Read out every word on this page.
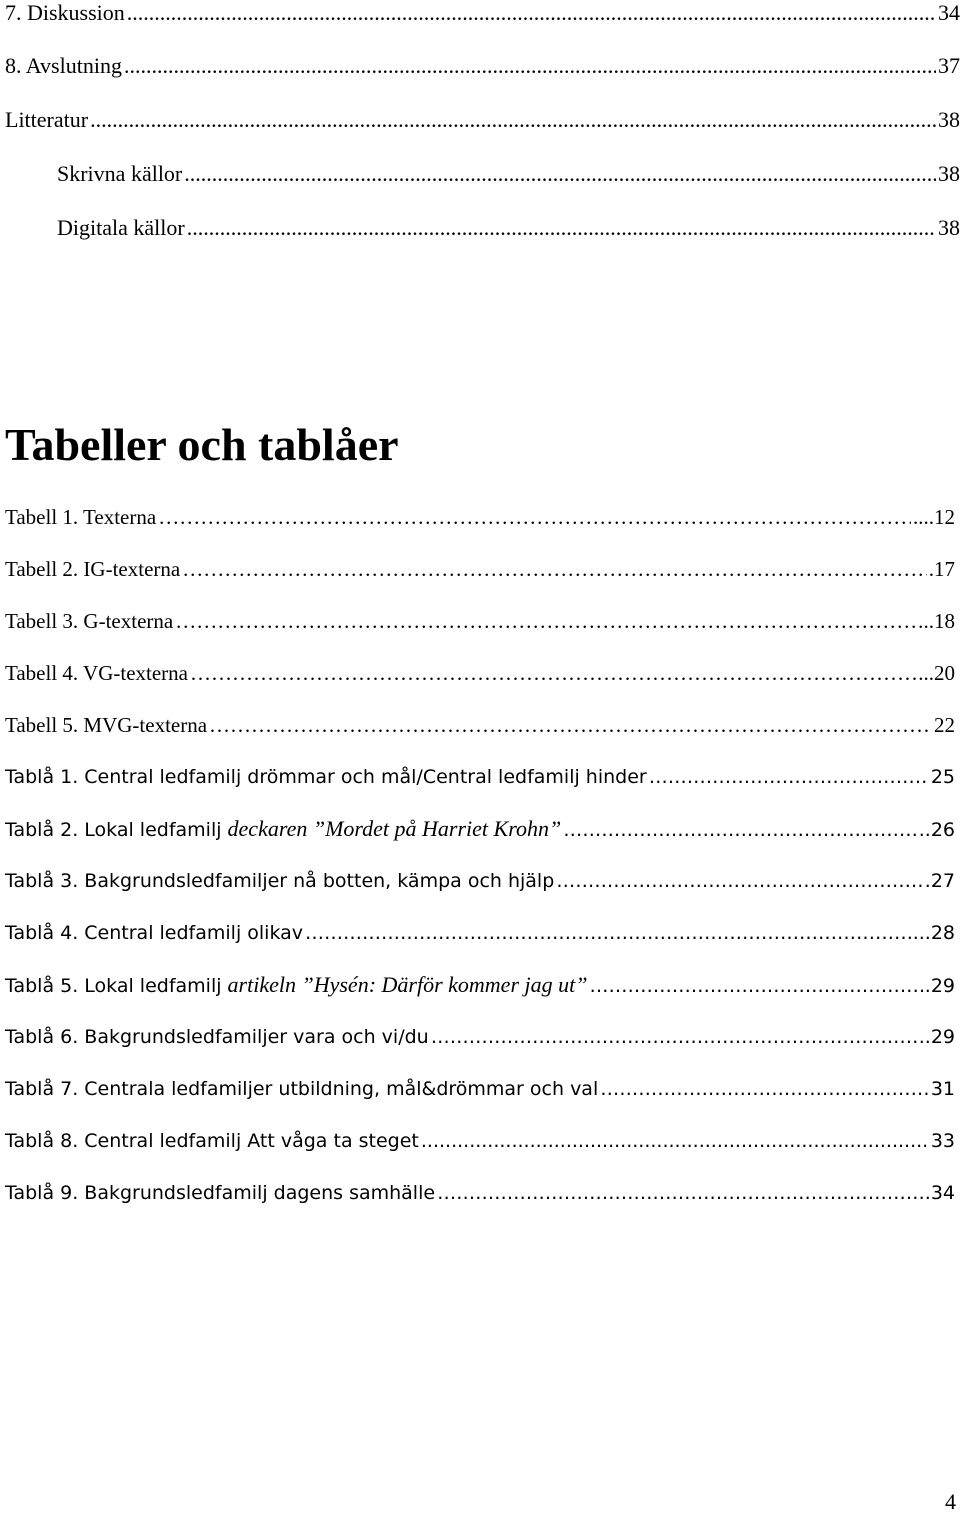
7. Diskussion .....	34
8. Avslutning .....	37
Litteratur .....	38
Skrivna källor .....	38
Digitala källor .....	38
Tabeller och tablåer
Tabell 1. Texterna ……………………………………………………………………………………………………………………………………………	....12
Tabell 2. IG-texterna ……………………………………………………………………………………………………………………………………………	.17
Tabell 3. G-texterna ……………………………………………………………………………………………………………………………………………	..18
Tabell 4. VG-texterna ……………………………………………………………………………………………………………………………………………	...20
Tabell 5. MVG-texterna ……………………………………………………………………………………………………………………………………………	22
Tablå 1. Central ledfamilj drömmar och mål/Central ledfamilj hinder ……………………………………………………………………………………………………………………………………………	25
Tablå 2. Lokal ledfamilj deckaren ”Mordet på Harriet Krohn” ……………………………………………………………………………………………………………………………………………	..26
Tablå 3. Bakgrundsledfamiljer nå botten, kämpa och hjälp ……………………………………………………………………………………………………………………………………………	.27
Tablå 4. Central ledfamilj olikav ……………………………………………………………………………………………………………………………………………	...28
Tablå 5. Lokal ledfamilj artikeln ”Hysén: Därför kommer jag ut” ……………………………………………………………………………………………………………………………………………	.29
Tablå 6. Bakgrundsledfamiljer vara och vi/du ……………………………………………………………………………………………………………………………………………	..29
Tablå 7. Centrala ledfamiljer utbildning, mål&drömmar och val ……………………………………………………………………………………………………………………………………………	31
Tablå 8. Central ledfamilj Att våga ta steget .....	33
Tablå 9. Bakgrundsledfamilj dagens samhälle ……………………………………………………………………………………………………………………………………………	.34
4
